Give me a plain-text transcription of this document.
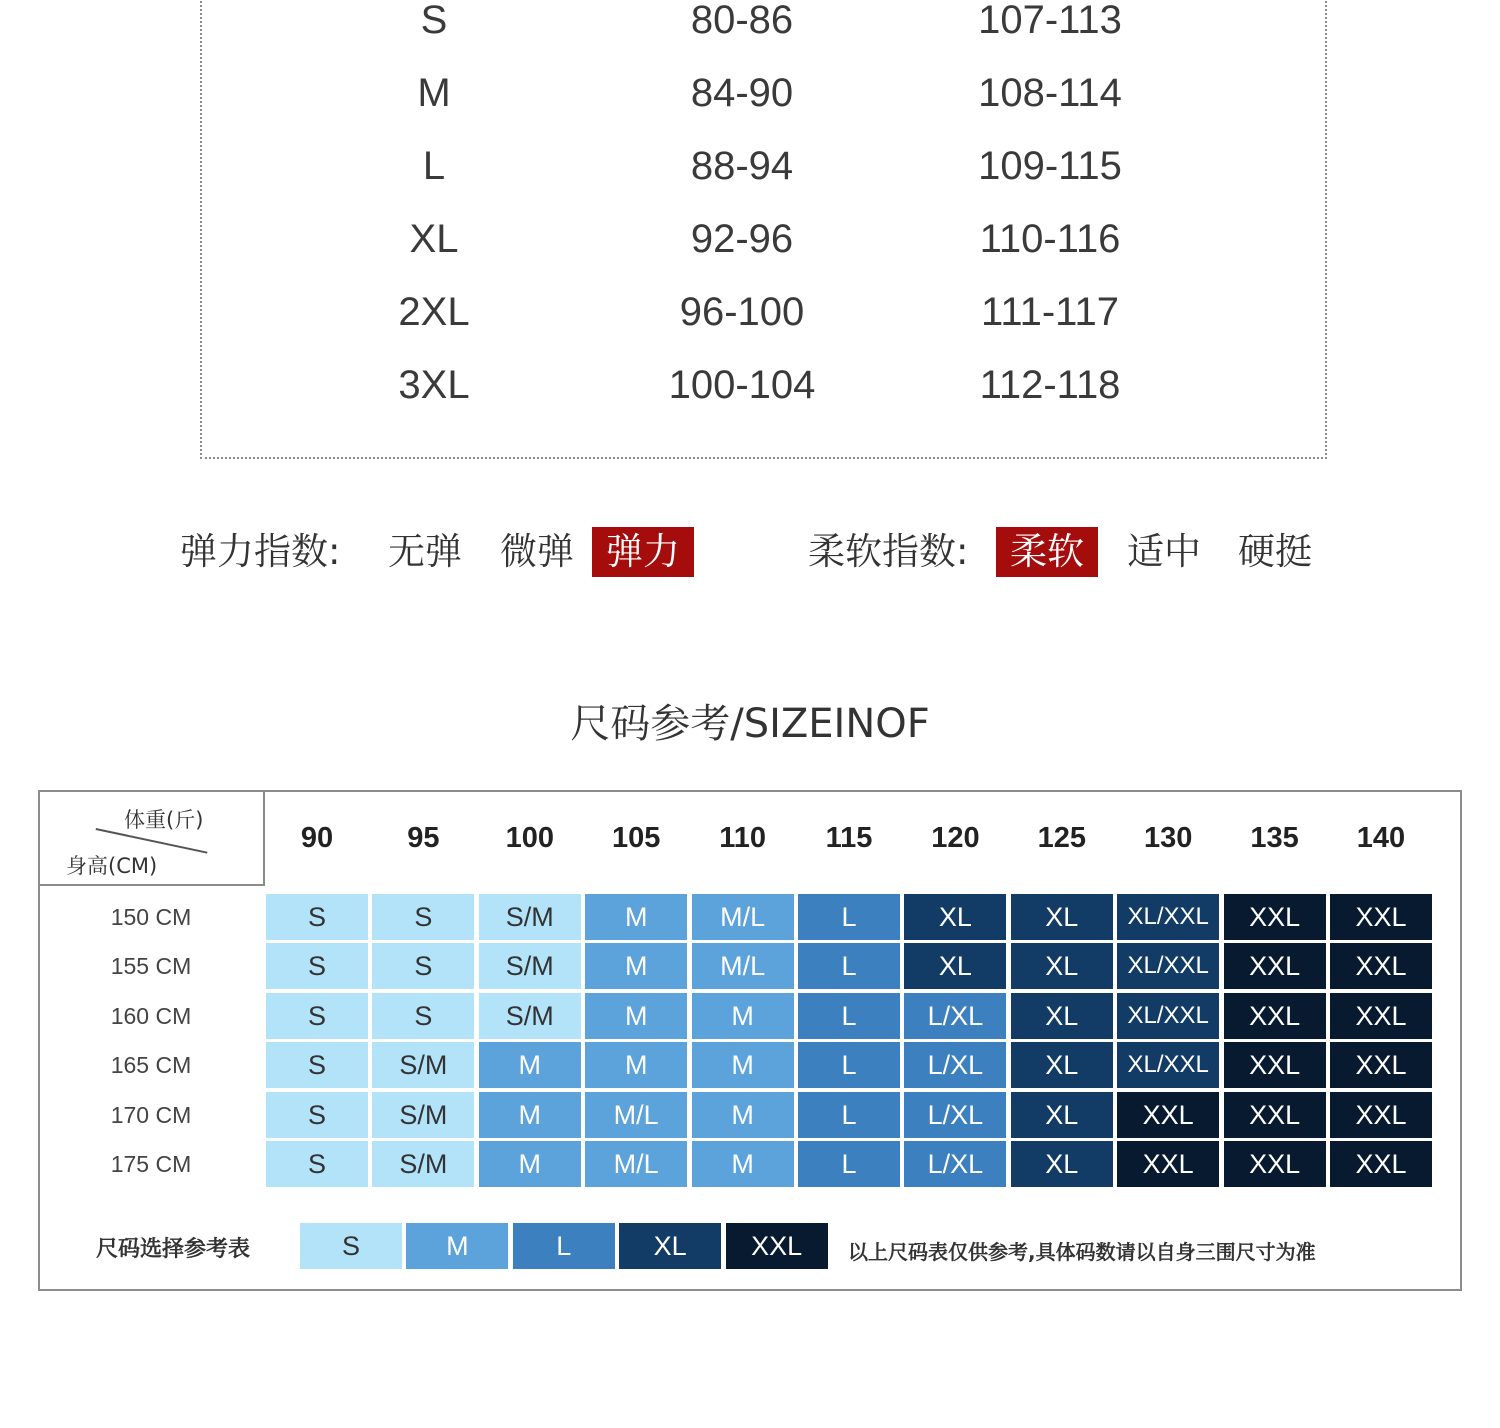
S	80-86	107-113
M	84-90	108-114
L	88-94	109-115
XL	92-96	110-116
2XL	96-100	111-117
3XL	100-104	112-118
弹力指数: 无弹 微弹 弹力	柔软指数:	柔软	适中 硬挺
尺码参考/SIZEINOF
体重(斤)
身高(CM)
尺码选择参考表	以上尺码表仅供参考,具体码数请以自身三围尺寸为准
90	95 100 105 110 115 120 125 130 135 140
150 CM	S	S	S/M	M	M/L	L	XL	XL	XL/XXL	XXL	XXL
155 CM	S	S	S/M	M	M/L	L	XL	XL	XL/XXL	XXL	XXL
160 CM	S	S	S/M	M	M	L	L/XL	XL	XL/XXL	XXL	XXL
165 CM	S	S/M	M	M	M	L	L/XL	XL	XL/XXL	XXL	XXL
170 CM	S	S/M	M	M/L	M	L	L/XL	XL	XXL	XXL	XXL
175 CM	S	S/M	M	M/L	M	L	L/XL	XL	XXL	XXL	XXL
S	M	L	XL	XXL
